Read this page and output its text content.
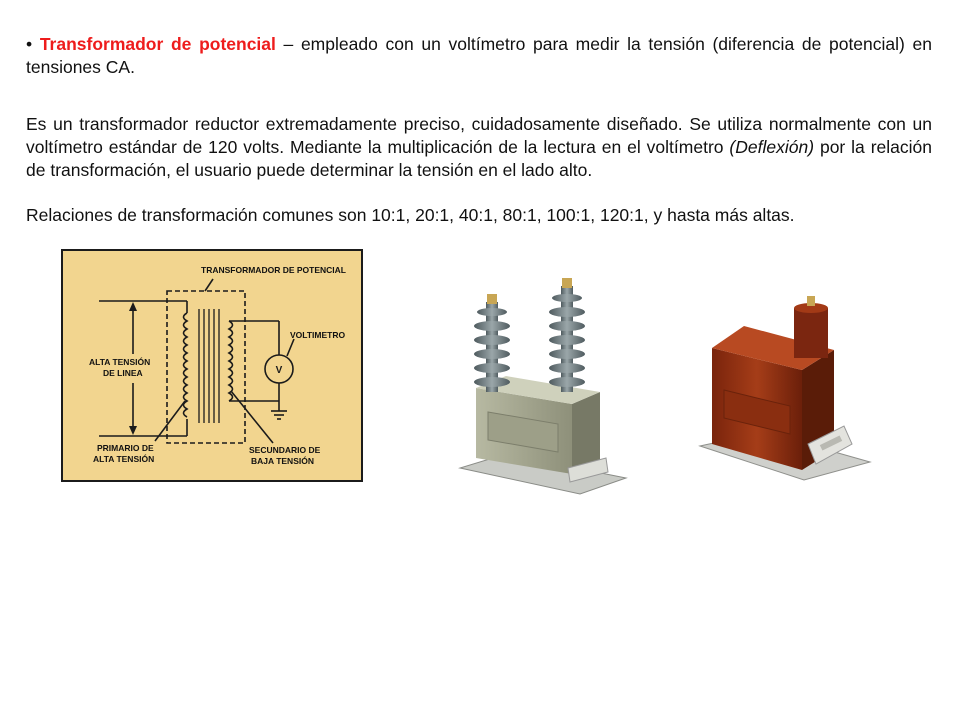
• Transformador de potencial – empleado con un voltímetro para medir la tensión (diferencia de potencial) en tensiones CA.

Es un transformador reductor extremadamente preciso, cuidadosamente diseñado. Se utiliza normalmente con un voltímetro estándar de 120 volts. Mediante la multiplicación de la lectura en el voltímetro (Deflexión) por la relación de transformación, el usuario puede determinar la tensión en el lado alto.

Relaciones de transformación comunes son 10:1, 20:1, 40:1, 80:1, 100:1, 120:1, y hasta más altas.

V
TRANSFORMADOR DE POTENCIAL
VOLTIMETRO
ALTA TENSIÓN
DE LINEA
PRIMARIO DE
ALTA TENSIÓN
SECUNDARIO DE
BAJA TENSIÓN
